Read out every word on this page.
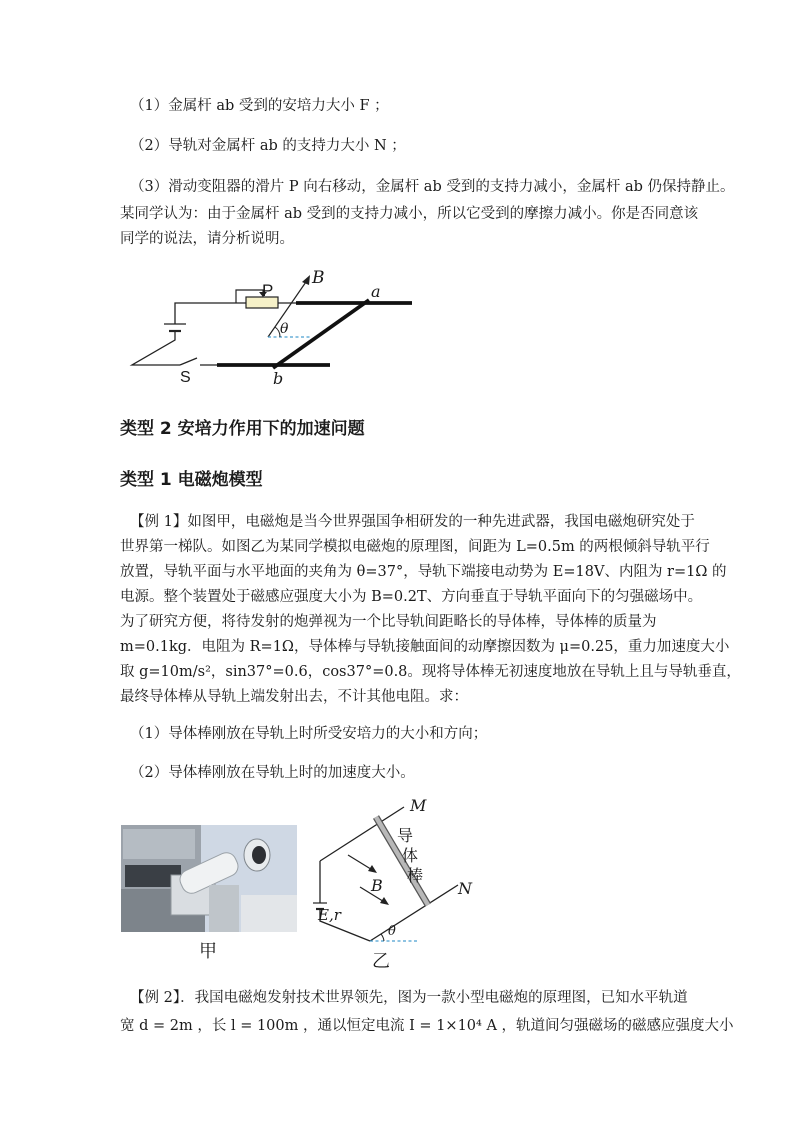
（1）金属杆 ab 受到的安培力大小 F ；
（2）导轨对金属杆 ab 的支持力大小 N ；
（3）滑动变阻器的滑片 P 向右移动，金属杆 ab 受到的支持力减小，金属杆 ab 仍保持静止。
某同学认为：由于金属杆 ab 受到的支持力减小，所以它受到的摩擦力减小。你是否同意该
同学的说法，请分析说明。
B
P	a
b
S
θ
类型 2 安培力作用下的加速问题
类型 1 电磁炮模型
【例 1】如图甲，电磁炮是当今世界强国争相研发的一种先进武器，我国电磁炮研究处于
世界第一梯队。如图乙为某同学模拟电磁炮的原理图，间距为 L=0.5m 的两根倾斜导轨平行
放置，导轨平面与水平地面的夹角为 θ=37°，导轨下端接电动势为 E=18V、内阻为 r=1Ω 的
电源。整个装置处于磁感应强度大小为 B=0.2T、方向垂直于导轨平面向下的匀强磁场中。
为了研究方便，将待发射的炮弹视为一个比导轨间距略长的导体棒，导体棒的质量为
m=0.1kg．电阻为 R=1Ω，导体棒与导轨接触面间的动摩擦因数为 μ=0.25，重力加速度大小
取 g=10m/s²，sin37°=0.6，cos37°=0.8。现将导体棒无初速度地放在导轨上且与导轨垂直，
最终导体棒从导轨上端发射出去，不计其他电阻。求：
（1）导体棒刚放在导轨上时所受安培力的大小和方向；
（2）导体棒刚放在导轨上时的加速度大小。
甲
M
N
B
E,r
θ
导
体
棒
乙
【例 2】．我国电磁炮发射技术世界领先，图为一款小型电磁炮的原理图，已知水平轨道
宽 d = 2m ，长 l = 100m ，通以恒定电流 I = 1×10⁴ A ，轨道间匀强磁场的磁感应强度大小
